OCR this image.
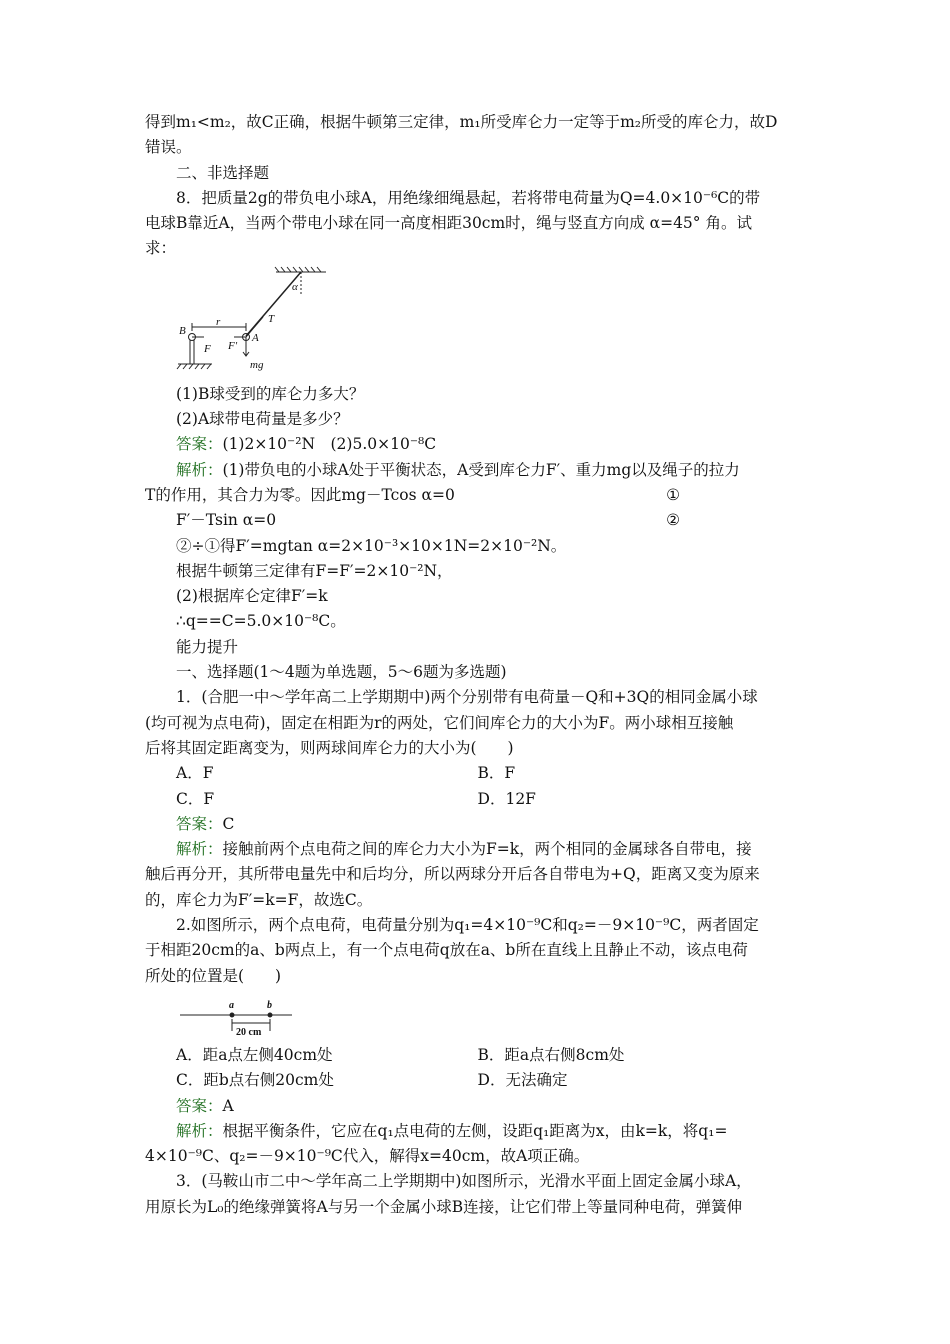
得到m₁<m₂，故C正确，根据牛顿第三定律，m₁所受库仑力一定等于m₂所受的库仑力，故D

错误。

二、非选择题

8．把质量2g的带负电小球A，用绝缘细绳悬起，若将带电荷量为Q=4.0×10⁻⁶C的带

电球B靠近A，当两个带电小球在同一高度相距30cm时，绳与竖直方向成 α=45° 角。试

求：

B
r
A
T
F F′
mg
α

(1)B球受到的库仑力多大？

(2)A球带电荷量是多少？

答案：(1)2×10⁻²N　(2)5.0×10⁻⁸C

解析：(1)带负电的小球A处于平衡状态，A受到库仑力F′、重力mg以及绳子的拉力

T的作用，其合力为零。因此mg－Tcos α=0	①
F′－Tsin α=0	②

②÷①得F′=mgtan α=2×10⁻³×10×1N=2×10⁻²N。

根据牛顿第三定律有F=F′=2×10⁻²N，

(2)根据库仑定律F′=k

∴q==C=5.0×10⁻⁸C。

能力提升

一、选择题(1～4题为单选题，5～6题为多选题)

1．(合肥一中～学年高二上学期期中)两个分别带有电荷量－Q和+3Q的相同金属小球

(均可视为点电荷)，固定在相距为r的两处，它们间库仑力的大小为F。两小球相互接触

后将其固定距离变为，则两球间库仑力的大小为(　　)

A．F	B．F
C．F	D．12F

答案：C

解析：接触前两个点电荷之间的库仑力大小为F=k，两个相同的金属球各自带电，接

触后再分开，其所带电量先中和后均分，所以两球分开后各自带电为+Q，距离又变为原来

的，库仑力为F′=k=F，故选C。

2.如图所示，两个点电荷，电荷量分别为q₁=4×10⁻⁹C和q₂=－9×10⁻⁹C，两者固定

于相距20cm的a、b两点上，有一个点电荷q放在a、b所在直线上且静止不动，该点电荷

所处的位置是(　　)

a	b
20 cm
A．距a点左侧40cm处	B．距a点右侧8cm处
C．距b点右侧20cm处	D．无法确定

答案：A

解析：根据平衡条件，它应在q₁点电荷的左侧，设距q₁距离为x，由k=k，将q₁=

4×10⁻⁹C、q₂=－9×10⁻⁹C代入，解得x=40cm，故A项正确。

3．(马鞍山市二中～学年高二上学期期中)如图所示，光滑水平面上固定金属小球A，

用原长为L₀的绝缘弹簧将A与另一个金属小球B连接，让它们带上等量同种电荷，弹簧伸
